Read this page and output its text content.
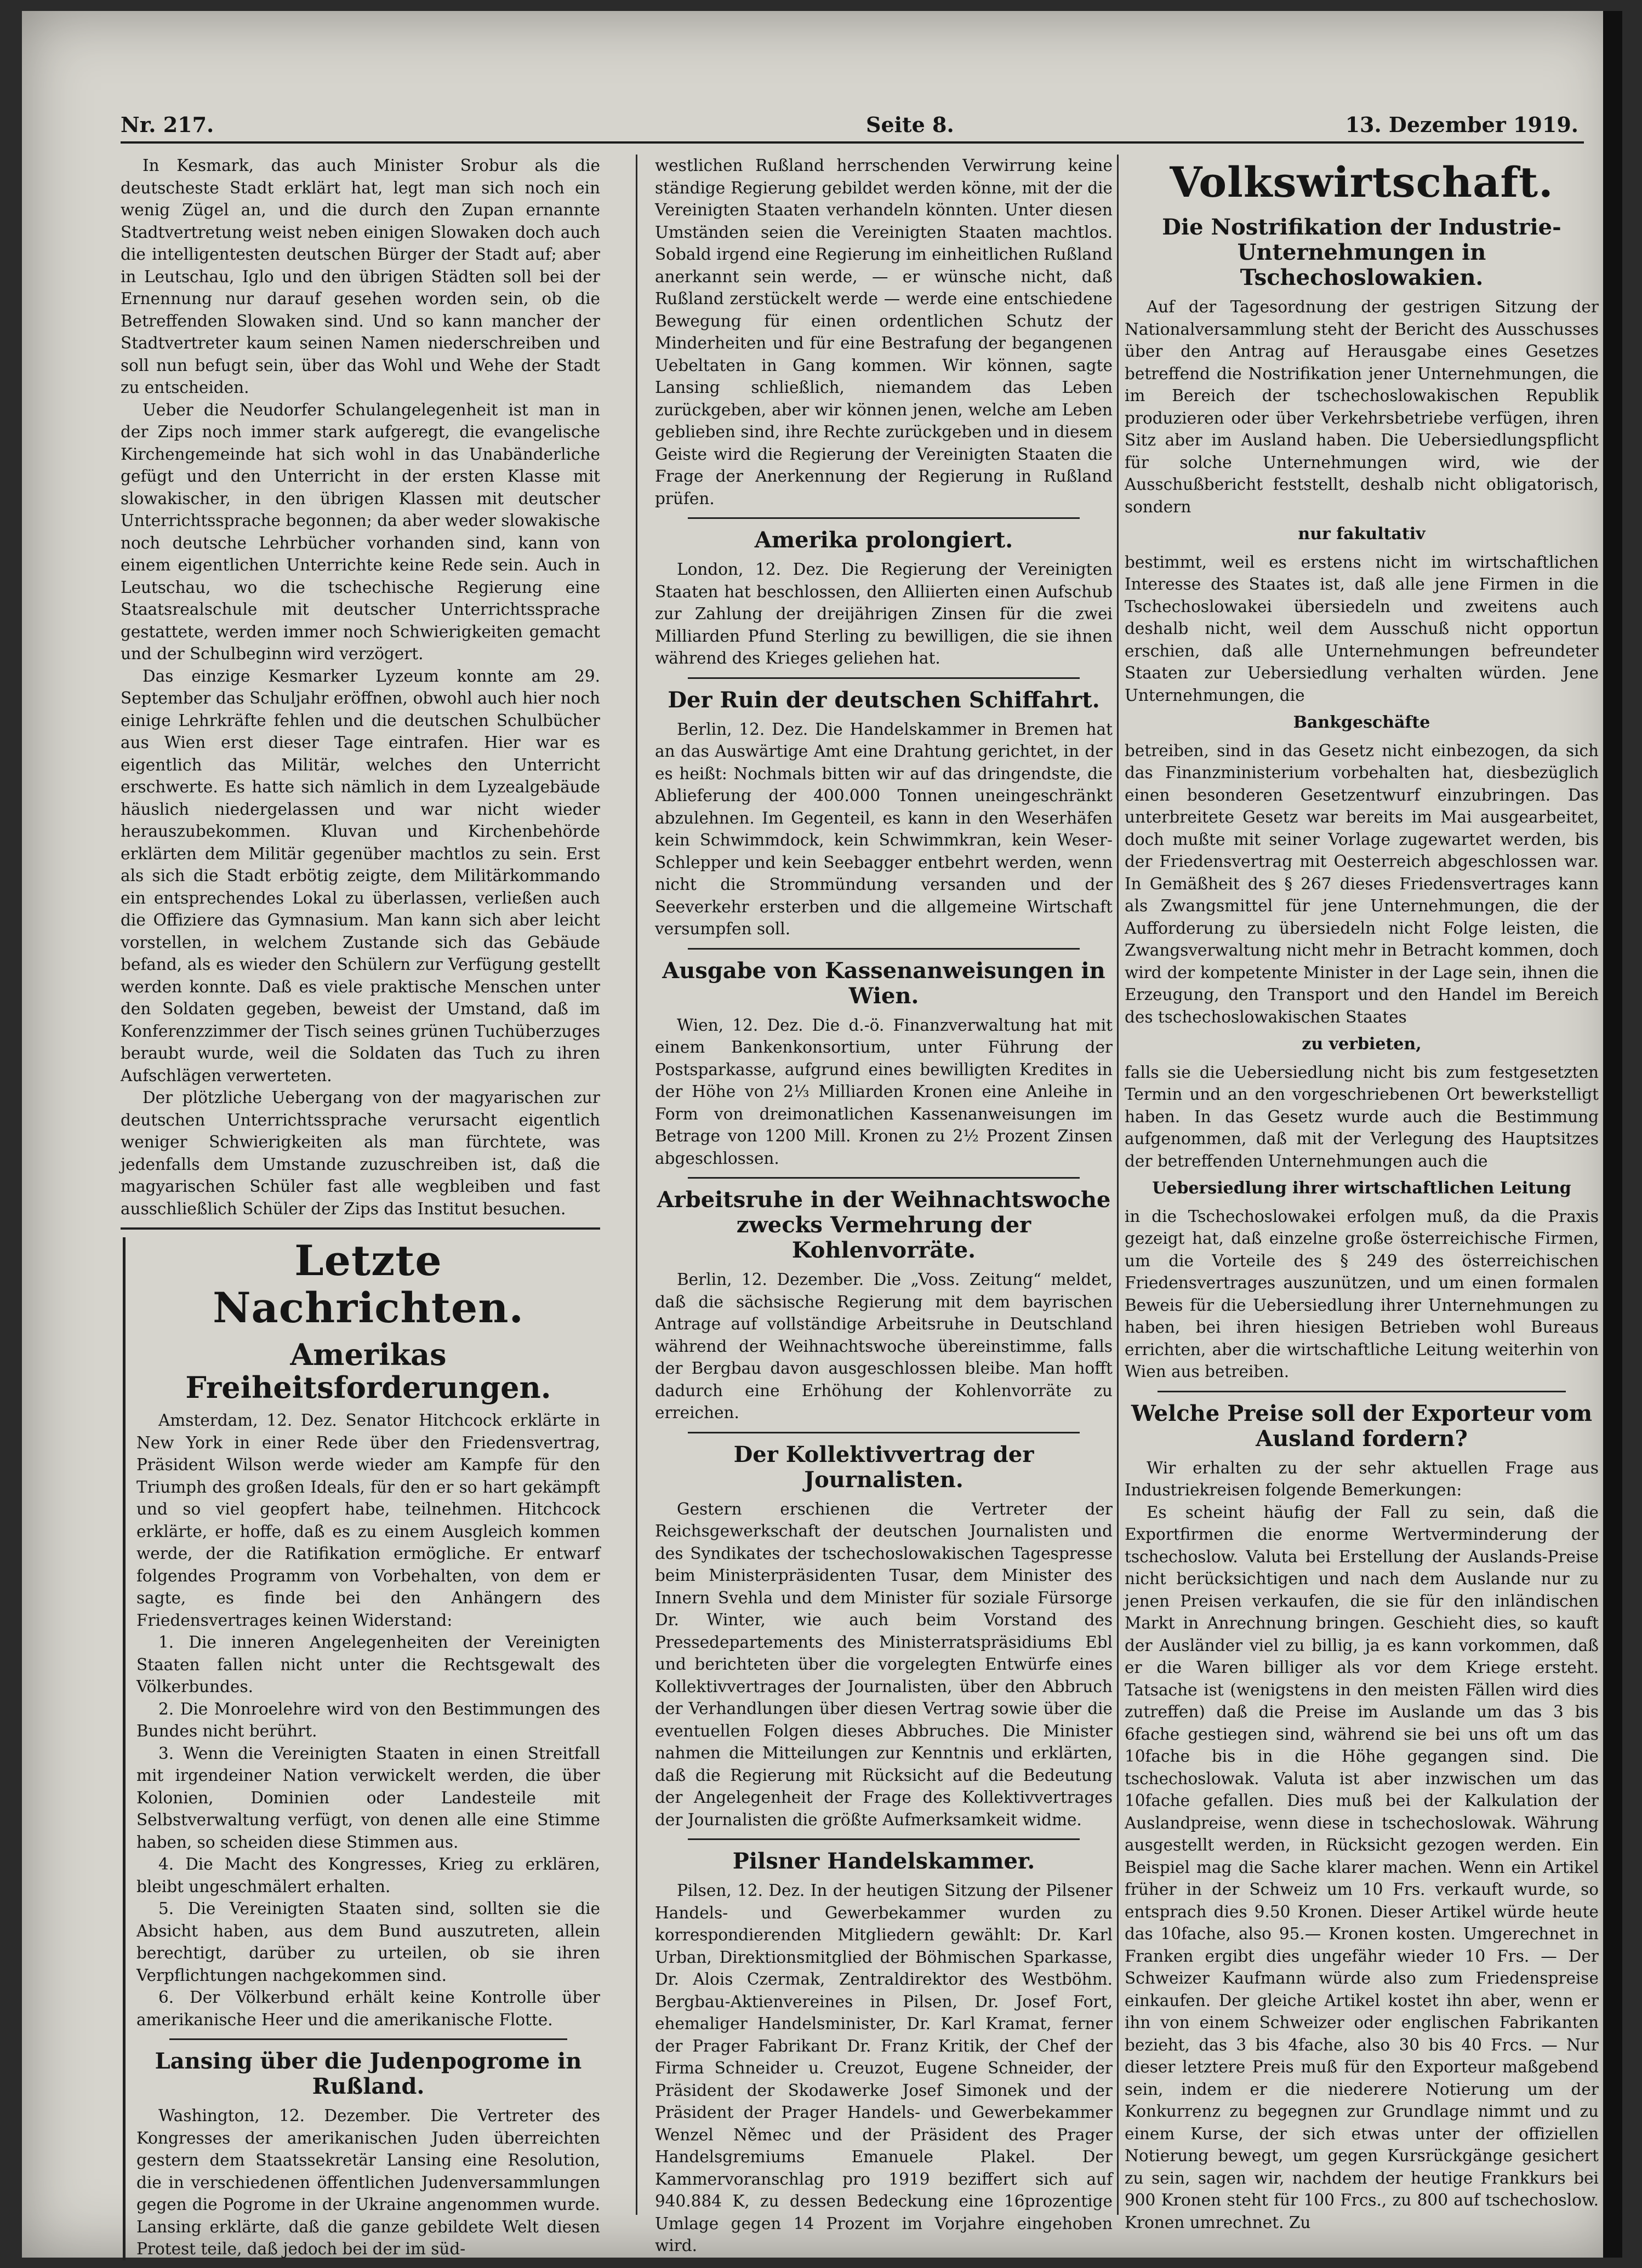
Nr. 217.	Seite 8.	13. Dezember 1919.

In Kesmark, das auch Minister Srobur als die deutscheste Stadt erklärt hat, legt man sich noch ein wenig Zügel an, und die durch den Zupan ernannte Stadtvertretung weist neben einigen Slowaken doch auch die intelligentesten deutschen Bürger der Stadt auf; aber in Leutschau, Iglo und den übrigen Städten soll bei der Ernennung nur darauf gesehen worden sein, ob die Betreffenden Slowaken sind. Und so kann mancher der Stadtvertreter kaum seinen Namen niederschreiben und soll nun befugt sein, über das Wohl und Wehe der Stadt zu entscheiden.

Ueber die Neudorfer Schulangelegenheit ist man in der Zips noch immer stark aufgeregt, die evangelische Kirchengemeinde hat sich wohl in das Unabänderliche gefügt und den Unterricht in der ersten Klasse mit slowakischer, in den übrigen Klassen mit deutscher Unterrichtssprache begonnen; da aber weder slowakische noch deutsche Lehrbücher vorhanden sind, kann von einem eigentlichen Unterrichte keine Rede sein. Auch in Leutschau, wo die tschechische Regierung eine Staatsrealschule mit deutscher Unterrichtssprache gestattete, werden immer noch Schwierigkeiten gemacht und der Schulbeginn wird verzögert.

Das einzige Kesmarker Lyzeum konnte am 29. September das Schuljahr eröffnen, obwohl auch hier noch einige Lehrkräfte fehlen und die deutschen Schulbücher aus Wien erst dieser Tage eintrafen. Hier war es eigentlich das Militär, welches den Unterricht erschwerte. Es hatte sich nämlich in dem Lyzealgebäude häuslich niedergelassen und war nicht wieder herauszubekommen. Kluvan und Kirchenbehörde erklärten dem Militär gegenüber machtlos zu sein. Erst als sich die Stadt erbötig zeigte, dem Militärkommando ein entsprechendes Lokal zu überlassen, verließen auch die Offiziere das Gymnasium. Man kann sich aber leicht vorstellen, in welchem Zustande sich das Gebäude befand, als es wieder den Schülern zur Verfügung gestellt werden konnte. Daß es viele praktische Menschen unter den Soldaten gegeben, beweist der Umstand, daß im Konferenzzimmer der Tisch seines grünen Tuchüberzuges beraubt wurde, weil die Soldaten das Tuch zu ihren Aufschlägen verwerteten.

Der plötzliche Uebergang von der magyarischen zur deutschen Unterrichtssprache verursacht eigentlich weniger Schwierigkeiten als man fürchtete, was jedenfalls dem Umstande zuzuschreiben ist, daß die magyarischen Schüler fast alle wegbleiben und fast ausschließlich Schüler der Zips das Institut besuchen.

Letzte Nachrichten.
Amerikas Freiheitsforderungen.

Amsterdam, 12. Dez. Senator Hitchcock erklärte in New York in einer Rede über den Friedensvertrag, Präsident Wilson werde wieder am Kampfe für den Triumph des großen Ideals, für den er so hart gekämpft und so viel geopfert habe, teilnehmen. Hitchcock erklärte, er hoffe, daß es zu einem Ausgleich kommen werde, der die Ratifikation ermögliche. Er entwarf folgendes Programm von Vorbehalten, von dem er sagte, es finde bei den Anhängern des Friedensvertrages keinen Widerstand:

1. Die inneren Angelegenheiten der Vereinigten Staaten fallen nicht unter die Rechtsgewalt des Völkerbundes.

2. Die Monroelehre wird von den Bestimmungen des Bundes nicht berührt.

3. Wenn die Vereinigten Staaten in einen Streitfall mit irgendeiner Nation verwickelt werden, die über Kolonien, Dominien oder Landesteile mit Selbstverwaltung verfügt, von denen alle eine Stimme haben, so scheiden diese Stimmen aus.

4. Die Macht des Kongresses, Krieg zu erklären, bleibt ungeschmälert erhalten.

5. Die Vereinigten Staaten sind, sollten sie die Absicht haben, aus dem Bund auszutreten, allein berechtigt, darüber zu urteilen, ob sie ihren Verpflichtungen nachgekommen sind.

6. Der Völkerbund erhält keine Kontrolle über amerikanische Heer und die amerikanische Flotte.

Lansing über die Judenpogrome in Rußland.

Washington, 12. Dezember. Die Vertreter des Kongresses der amerikanischen Juden überreichten gestern dem Staatssekretär Lansing eine Resolution, die in verschiedenen öffentlichen Judenversammlungen gegen die Pogrome in der Ukraine angenommen wurde. Lansing erklärte, daß die ganze gebildete Welt diesen Protest teile, daß jedoch bei der im süd-

westlichen Rußland herrschenden Verwirrung keine ständige Regierung gebildet werden könne, mit der die Vereinigten Staaten verhandeln könnten. Unter diesen Umständen seien die Vereinigten Staaten machtlos. Sobald irgend eine Regierung im einheitlichen Rußland anerkannt sein werde, — er wünsche nicht, daß Rußland zerstückelt werde — werde eine entschiedene Bewegung für einen ordentlichen Schutz der Minderheiten und für eine Bestrafung der begangenen Uebeltaten in Gang kommen. Wir können, sagte Lansing schließlich, niemandem das Leben zurückgeben, aber wir können jenen, welche am Leben geblieben sind, ihre Rechte zurückgeben und in diesem Geiste wird die Regierung der Vereinigten Staaten die Frage der Anerkennung der Regierung in Rußland prüfen.

Amerika prolongiert.

London, 12. Dez. Die Regierung der Vereinigten Staaten hat beschlossen, den Alliierten einen Aufschub zur Zahlung der dreijährigen Zinsen für die zwei Milliarden Pfund Sterling zu bewilligen, die sie ihnen während des Krieges geliehen hat.

Der Ruin der deutschen Schiffahrt.

Berlin, 12. Dez. Die Handelskammer in Bremen hat an das Auswärtige Amt eine Drahtung gerichtet, in der es heißt: Nochmals bitten wir auf das dringendste, die Ablieferung der 400.000 Tonnen uneingeschränkt abzulehnen. Im Gegenteil, es kann in den Weserhäfen kein Schwimmdock, kein Schwimmkran, kein Weser-Schlepper und kein Seebagger entbehrt werden, wenn nicht die Strommündung versanden und der Seeverkehr ersterben und die allgemeine Wirtschaft versumpfen soll.

Ausgabe von Kassenanweisungen in Wien.

Wien, 12. Dez. Die d.-ö. Finanzverwaltung hat mit einem Bankenkonsortium, unter Führung der Postsparkasse, aufgrund eines bewilligten Kredites in der Höhe von 2⅓ Milliarden Kronen eine Anleihe in Form von dreimonatlichen Kassenanweisungen im Betrage von 1200 Mill. Kronen zu 2½ Prozent Zinsen abgeschlossen.

Arbeitsruhe in der Weihnachtswoche zwecks Vermehrung der Kohlenvorräte.

Berlin, 12. Dezember. Die „Voss. Zeitung“ meldet, daß die sächsische Regierung mit dem bayrischen Antrage auf vollständige Arbeitsruhe in Deutschland während der Weihnachtswoche übereinstimme, falls der Bergbau davon ausgeschlossen bleibe. Man hofft dadurch eine Erhöhung der Kohlenvorräte zu erreichen.

Der Kollektivvertrag der Journalisten.

Gestern erschienen die Vertreter der Reichsgewerkschaft der deutschen Journalisten und des Syndikates der tschechoslowakischen Tagespresse beim Ministerpräsidenten Tusar, dem Minister des Innern Svehla und dem Minister für soziale Fürsorge Dr. Winter, wie auch beim Vorstand des Pressedepartements des Ministerratspräsidiums Ebl und berichteten über die vorgelegten Entwürfe eines Kollektivvertrages der Journalisten, über den Abbruch der Verhandlungen über diesen Vertrag sowie über die eventuellen Folgen dieses Abbruches. Die Minister nahmen die Mitteilungen zur Kenntnis und erklärten, daß die Regierung mit Rücksicht auf die Bedeutung der Angelegenheit der Frage des Kollektivvertrages der Journalisten die größte Aufmerksamkeit widme.

Pilsner Handelskammer.

Pilsen, 12. Dez. In der heutigen Sitzung der Pilsener Handels- und Gewerbekammer wurden zu korrespondierenden Mitgliedern gewählt: Dr. Karl Urban, Direktionsmitglied der Böhmischen Sparkasse, Dr. Alois Czermak, Zentraldirektor des Westböhm. Bergbau-Aktienvereines in Pilsen, Dr. Josef Fort, ehemaliger Handelsminister, Dr. Karl Kramat, ferner der Prager Fabrikant Dr. Franz Kritik, der Chef der Firma Schneider u. Creuzot, Eugene Schneider, der Präsident der Skodawerke Josef Simonek und der Präsident der Prager Handels- und Gewerbekammer Wenzel Němec und der Präsident des Prager Handelsgremiums Emanuele Plakel. Der Kammervoranschlag pro 1919 beziffert sich auf 940.884 K, zu dessen Bedeckung eine 16prozentige Umlage gegen 14 Prozent im Vorjahre eingehoben wird.

Volkswirtschaft.
Die Nostrifikation der Industrie-Unternehmungen in Tschechoslowakien.

Auf der Tagesordnung der gestrigen Sitzung der Nationalversammlung steht der Bericht des Ausschusses über den Antrag auf Herausgabe eines Gesetzes betreffend die Nostrifikation jener Unternehmungen, die im Bereich der tschechoslowakischen Republik produzieren oder über Verkehrsbetriebe verfügen, ihren Sitz aber im Ausland haben. Die Uebersiedlungspflicht für solche Unternehmungen wird, wie der Ausschußbericht feststellt, deshalb nicht obligatorisch, sondern

nur fakultativ

bestimmt, weil es erstens nicht im wirtschaftlichen Interesse des Staates ist, daß alle jene Firmen in die Tschechoslowakei übersiedeln und zweitens auch deshalb nicht, weil dem Ausschuß nicht opportun erschien, daß alle Unternehmungen befreundeter Staaten zur Uebersiedlung verhalten würden. Jene Unternehmungen, die

Bankgeschäfte

betreiben, sind in das Gesetz nicht einbezogen, da sich das Finanzministerium vorbehalten hat, diesbezüglich einen besonderen Gesetzentwurf einzubringen. Das unterbreitete Gesetz war bereits im Mai ausgearbeitet, doch mußte mit seiner Vorlage zugewartet werden, bis der Friedensvertrag mit Oesterreich abgeschlossen war. In Gemäßheit des § 267 dieses Friedensvertrages kann als Zwangsmittel für jene Unternehmungen, die der Aufforderung zu übersiedeln nicht Folge leisten, die Zwangsverwaltung nicht mehr in Betracht kommen, doch wird der kompetente Minister in der Lage sein, ihnen die Erzeugung, den Transport und den Handel im Bereich des tschechoslowakischen Staates

zu verbieten,

falls sie die Uebersiedlung nicht bis zum festgesetzten Termin und an den vorgeschriebenen Ort bewerkstelligt haben. In das Gesetz wurde auch die Bestimmung aufgenommen, daß mit der Verlegung des Hauptsitzes der betreffenden Unternehmungen auch die

Uebersiedlung ihrer wirtschaftlichen Leitung

in die Tschechoslowakei erfolgen muß, da die Praxis gezeigt hat, daß einzelne große österreichische Firmen, um die Vorteile des § 249 des österreichischen Friedensvertrages auszunützen, und um einen formalen Beweis für die Uebersiedlung ihrer Unternehmungen zu haben, bei ihren hiesigen Betrieben wohl Bureaus errichten, aber die wirtschaftliche Leitung weiterhin von Wien aus betreiben.

Welche Preise soll der Exporteur vom Ausland fordern?

Wir erhalten zu der sehr aktuellen Frage aus Industriekreisen folgende Bemerkungen:

Es scheint häufig der Fall zu sein, daß die Exportfirmen die enorme Wertverminderung der tschechoslow. Valuta bei Erstellung der Auslands-Preise nicht berücksichtigen und nach dem Auslande nur zu jenen Preisen verkaufen, die sie für den inländischen Markt in Anrechnung bringen. Geschieht dies, so kauft der Ausländer viel zu billig, ja es kann vorkommen, daß er die Waren billiger als vor dem Kriege ersteht. Tatsache ist (wenigstens in den meisten Fällen wird dies zutreffen) daß die Preise im Auslande um das 3 bis 6fache gestiegen sind, während sie bei uns oft um das 10fache bis in die Höhe gegangen sind. Die tschechoslowak. Valuta ist aber inzwischen um das 10fache gefallen. Dies muß bei der Kalkulation der Auslandpreise, wenn diese in tschechoslowak. Währung ausgestellt werden, in Rücksicht gezogen werden. Ein Beispiel mag die Sache klarer machen. Wenn ein Artikel früher in der Schweiz um 10 Frs. verkauft wurde, so entsprach dies 9.50 Kronen. Dieser Artikel würde heute das 10fache, also 95.— Kronen kosten. Umgerechnet in Franken ergibt dies ungefähr wieder 10 Frs. — Der Schweizer Kaufmann würde also zum Friedenspreise einkaufen. Der gleiche Artikel kostet ihn aber, wenn er ihn von einem Schweizer oder englischen Fabrikanten bezieht, das 3 bis 4fache, also 30 bis 40 Frcs. — Nur dieser letztere Preis muß für den Exporteur maßgebend sein, indem er die niederere Notierung um der Konkurrenz zu begegnen zur Grundlage nimmt und zu einem Kurse, der sich etwas unter der offiziellen Notierung bewegt, um gegen Kursrückgänge gesichert zu sein, sagen wir, nachdem der heutige Frankkurs bei 900 Kronen steht für 100 Frcs., zu 800 auf tschechoslow. Kronen umrechnet. Zu
